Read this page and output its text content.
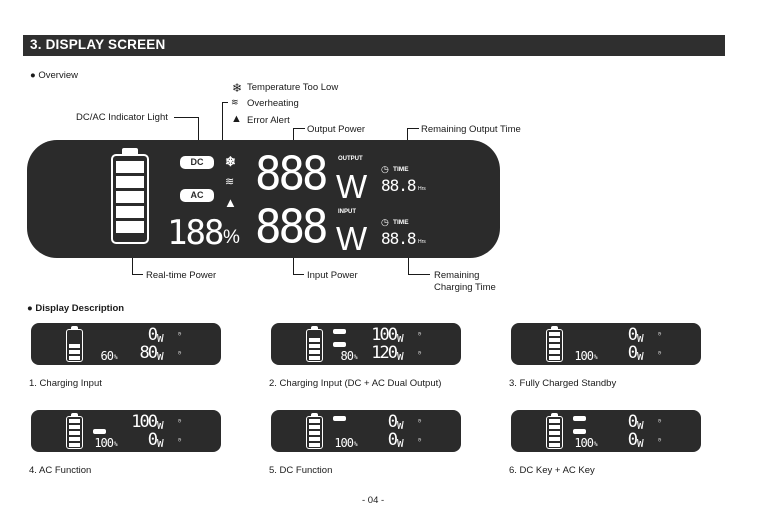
3. DISPLAY SCREEN
● Overview
❄ Temperature Too Low
≋ Overheating
▲ Error Alert
DC/AC Indicator Light
Output Power	Remaining Output Time
DC
AC
❄
≋
▲
188 %
888 W
OUTPUT
888 W
INPUT
◷ TIME
88.8 Hrs
◷ TIME
88.8 Hrs
Real-time Power	Input Power	Remaining
Charging Time
● Display Description
60 %
0 W
80 W
◷
◷
1. Charging Input
80 %
100 W
120 W
◷
◷
2. Charging Input (DC + AC Dual Output)
100 %
0 W
0 W
◷
◷
3. Fully Charged Standby
100 %
100 W
0 W
◷
◷
4. AC Function
100 %
0 W
0 W
◷
◷
5. DC Function
100 %
0 W
0 W
◷
◷
6. DC Key + AC Key
- 04 -
